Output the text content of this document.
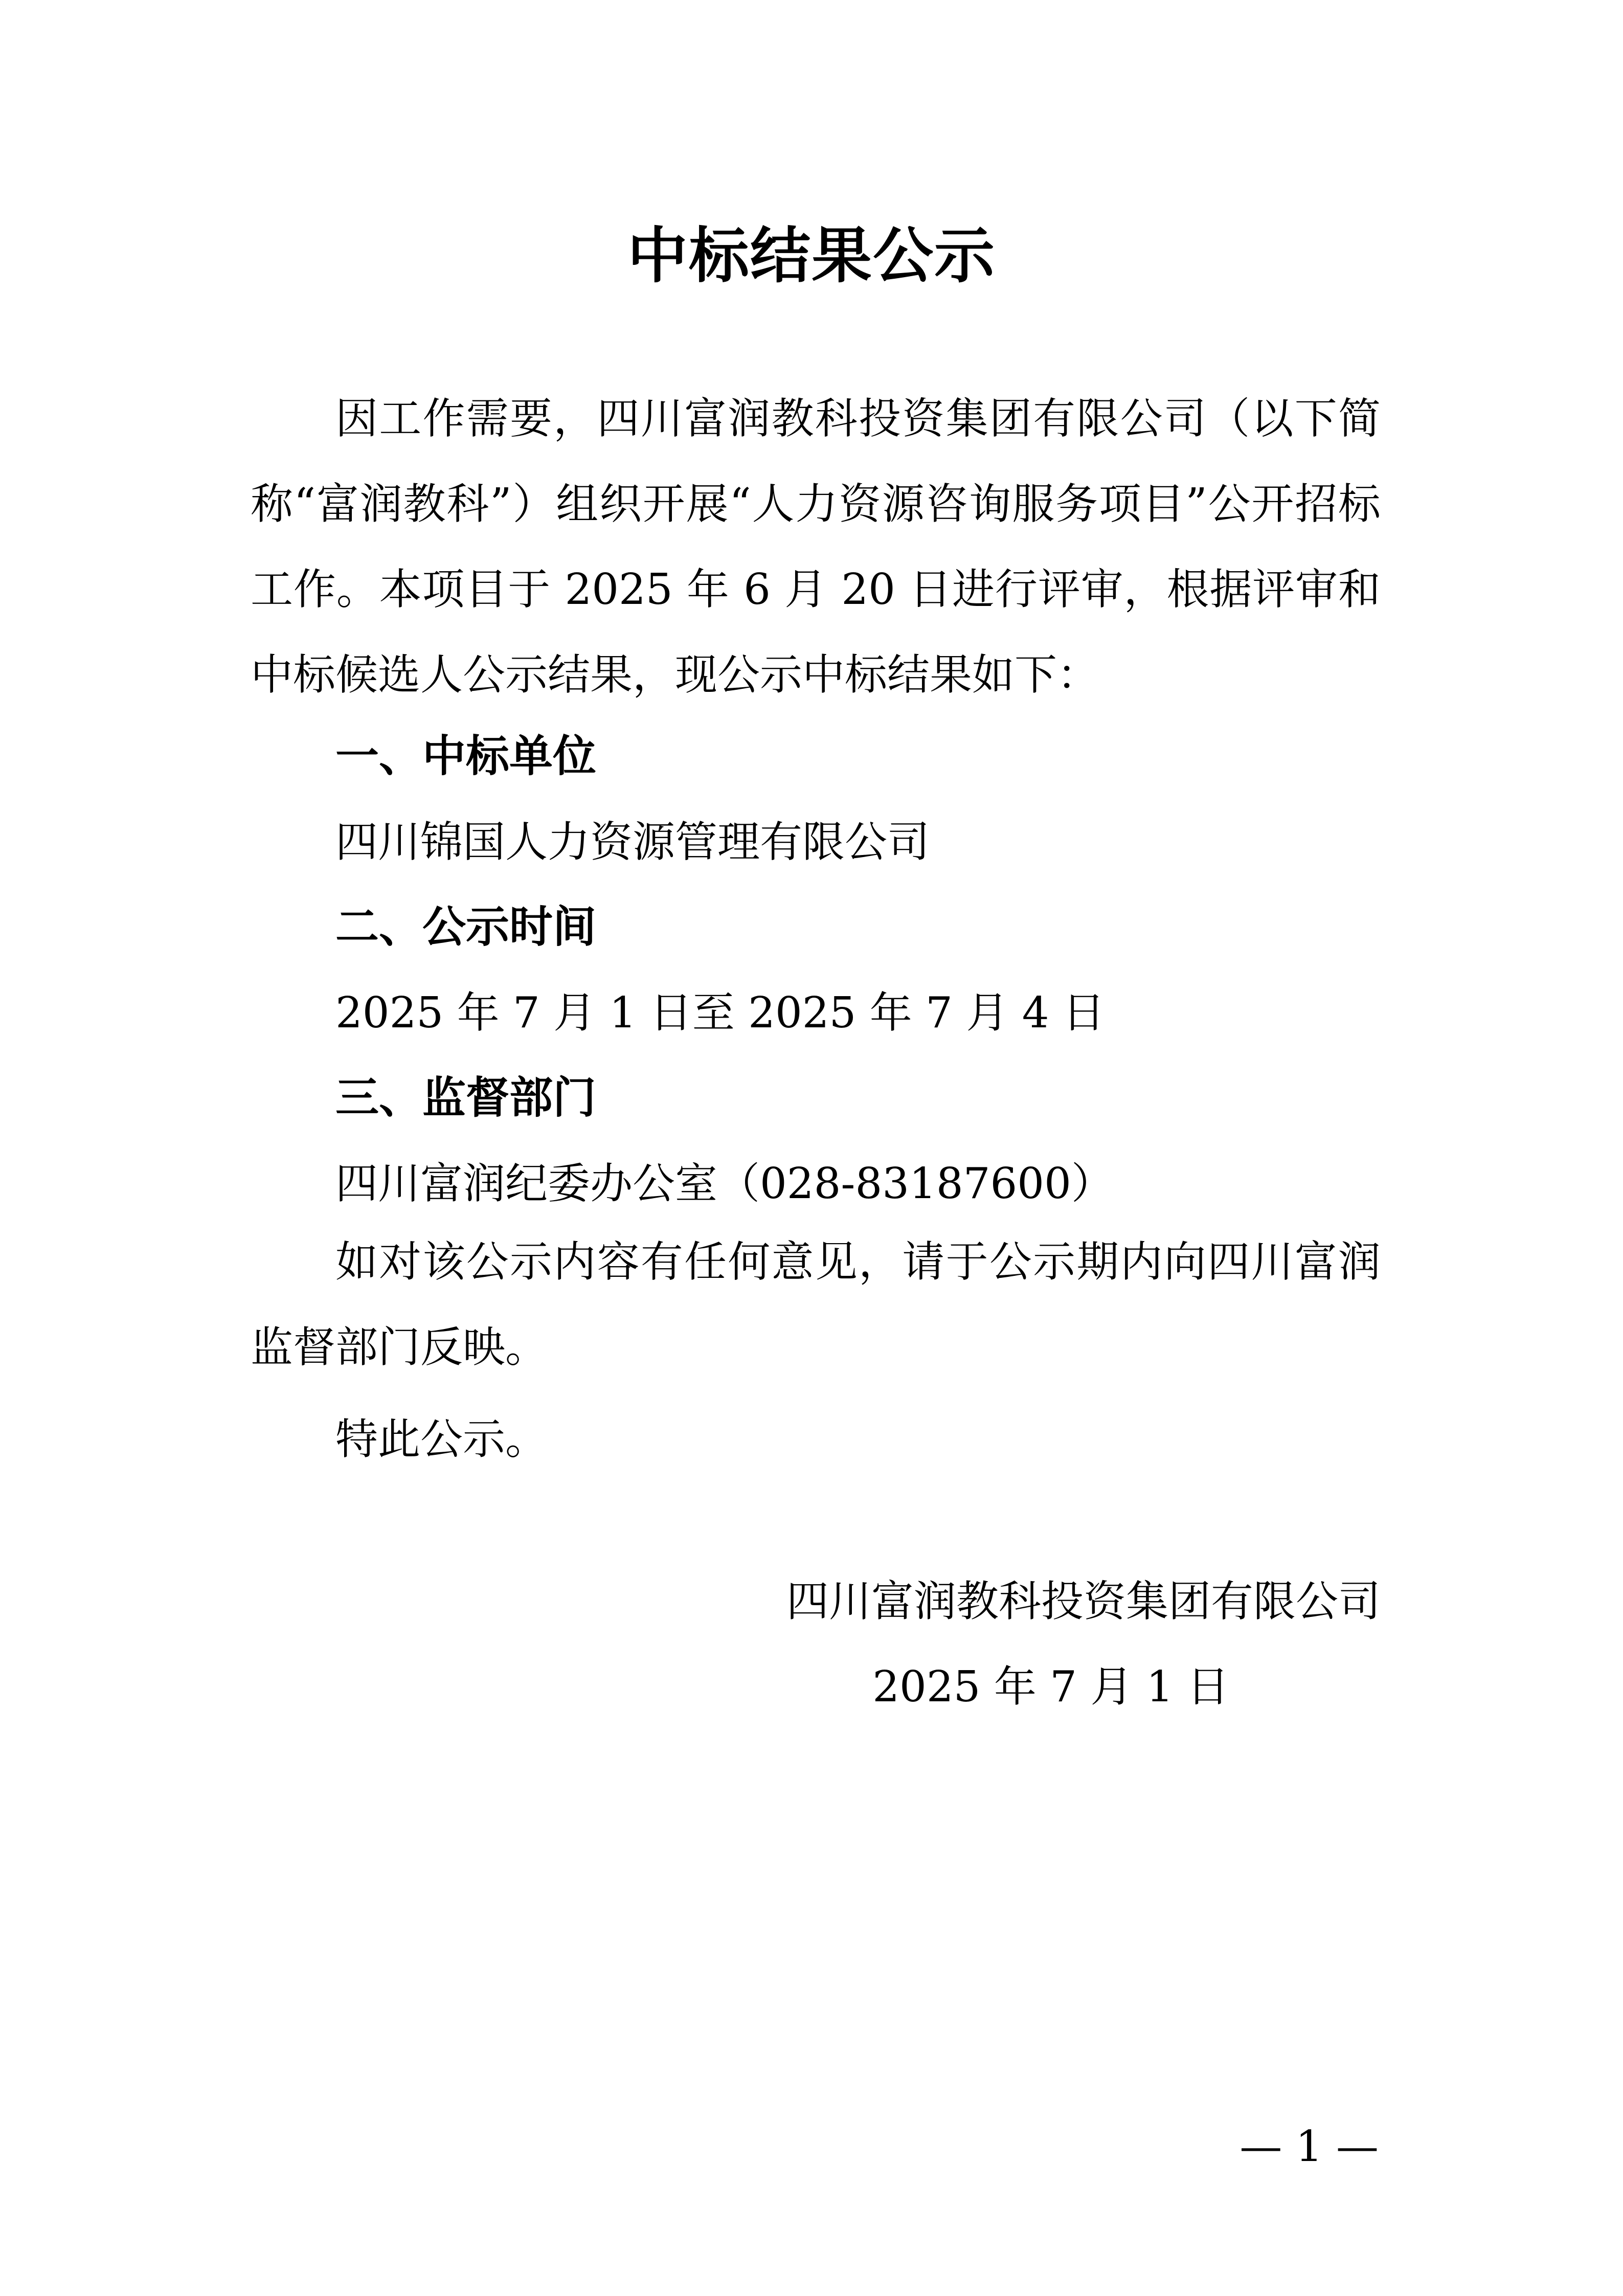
中标结果公示
因工作需要，四川富润教科投资集团有限公司（以下简称“富润教科”）组织开展“人力资源咨询服务项目”公开招标工作。本项目于 2025 年 6 月 20 日进行评审，根据评审和中标候选人公示结果，现公示中标结果如下：
一、中标单位
四川锦国人力资源管理有限公司
二、公示时间
2025 年 7 月 1 日至 2025 年 7 月 4 日
三、监督部门
四川富润纪委办公室（028-83187600）
如对该公示内容有任何意见，请于公示期内向四川富润监督部门反映。
特此公示。
四川富润教科投资集团有限公司
2025 年 7 月 1 日
— 1 —
